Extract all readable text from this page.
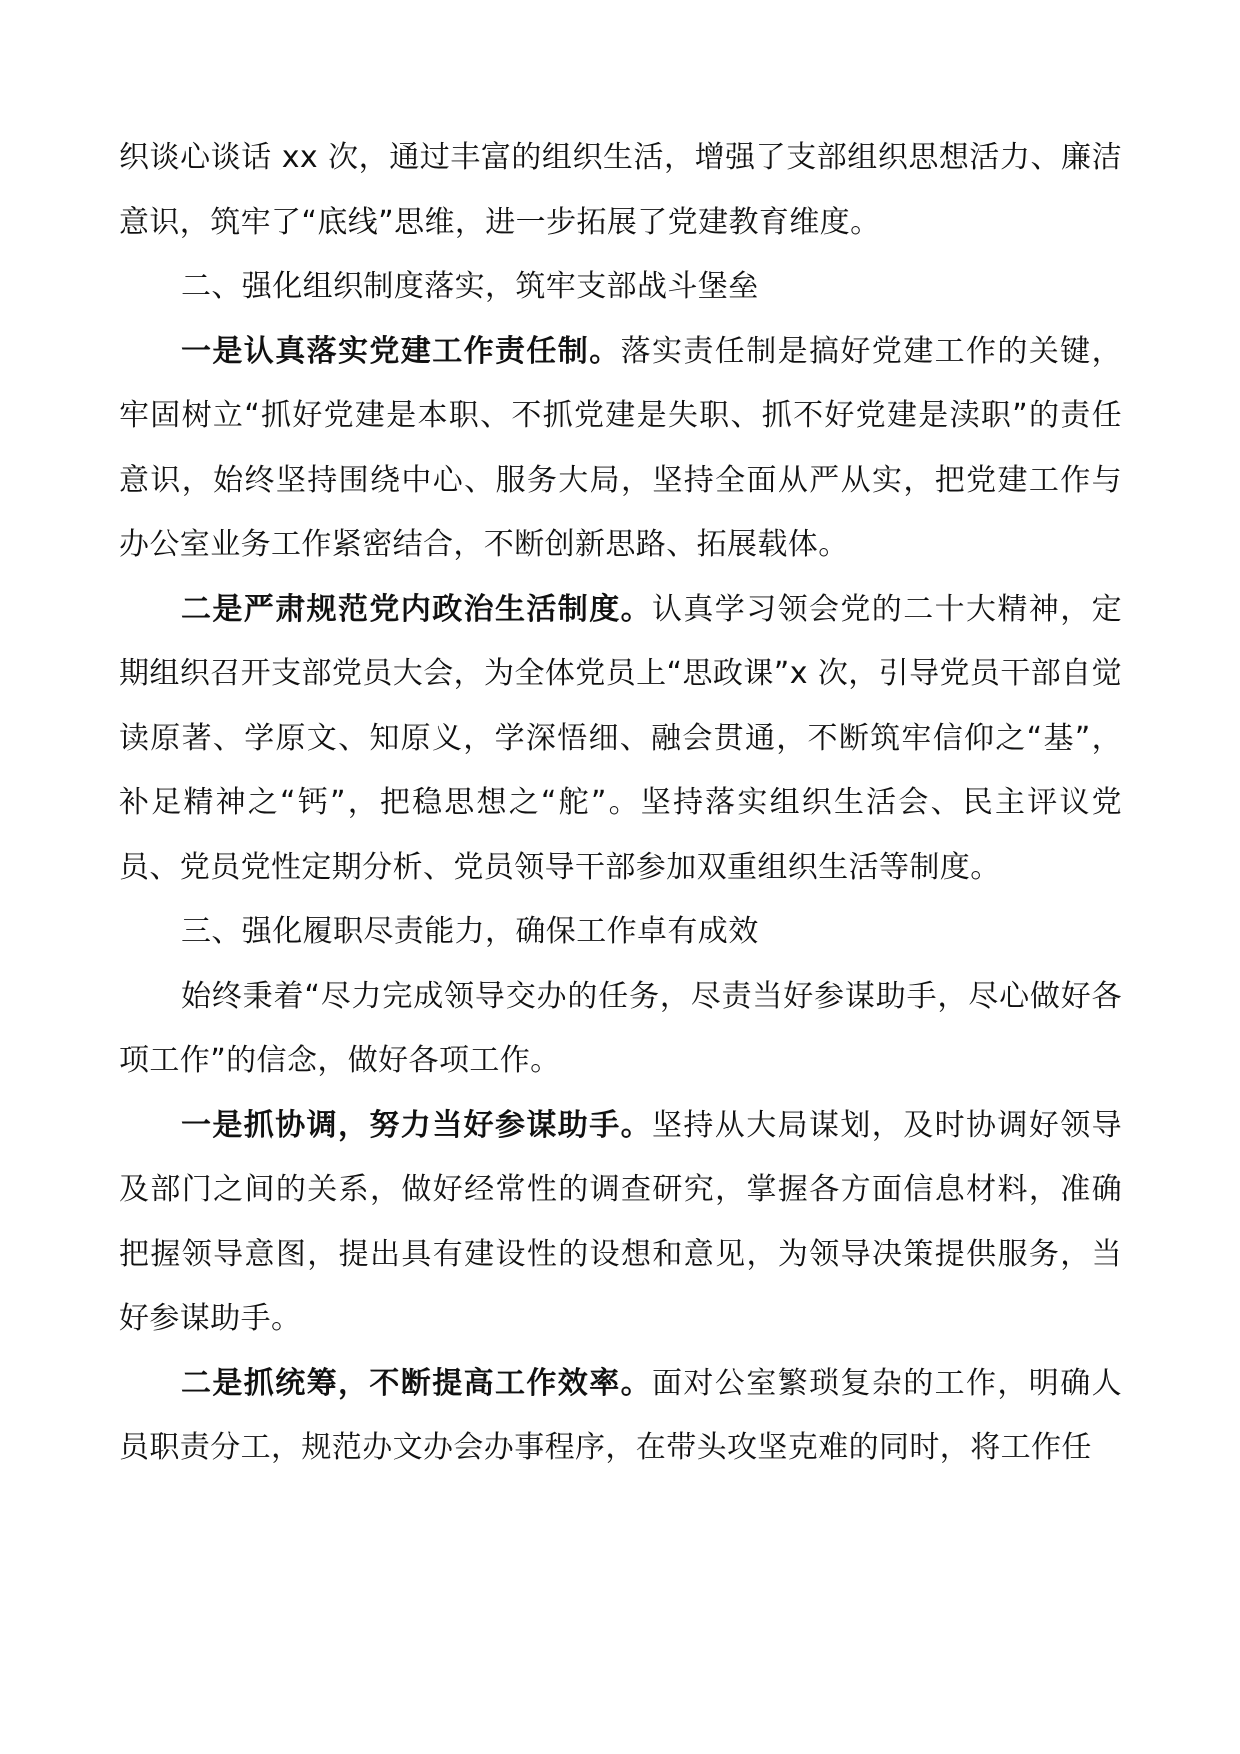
织谈心谈话 xx 次，通过丰富的组织生活，增强了支部组织思想活力、廉洁意识，筑牢了“底线”思维，进一步拓展了党建教育维度。

二、强化组织制度落实，筑牢支部战斗堡垒

一是认真落实党建工作责任制。落实责任制是搞好党建工作的关键，牢固树立“抓好党建是本职、不抓党建是失职、抓不好党建是渎职”的责任意识，始终坚持围绕中心、服务大局，坚持全面从严从实，把党建工作与办公室业务工作紧密结合，不断创新思路、拓展载体。

二是严肃规范党内政治生活制度。认真学习领会党的二十大精神，定期组织召开支部党员大会，为全体党员上“思政课”x 次，引导党员干部自觉读原著、学原文、知原义，学深悟细、融会贯通，不断筑牢信仰之“基”，补足精神之“钙”，把稳思想之“舵”。坚持落实组织生活会、民主评议党员、党员党性定期分析、党员领导干部参加双重组织生活等制度。

三、强化履职尽责能力，确保工作卓有成效

始终秉着“尽力完成领导交办的任务，尽责当好参谋助手，尽心做好各项工作”的信念，做好各项工作。

一是抓协调，努力当好参谋助手。坚持从大局谋划，及时协调好领导及部门之间的关系，做好经常性的调查研究，掌握各方面信息材料，准确把握领导意图，提出具有建设性的设想和意见，为领导决策提供服务，当好参谋助手。

二是抓统筹，不断提高工作效率。面对公室繁琐复杂的工作，明确人员职责分工，规范办文办会办事程序，在带头攻坚克难的同时，将工作任
